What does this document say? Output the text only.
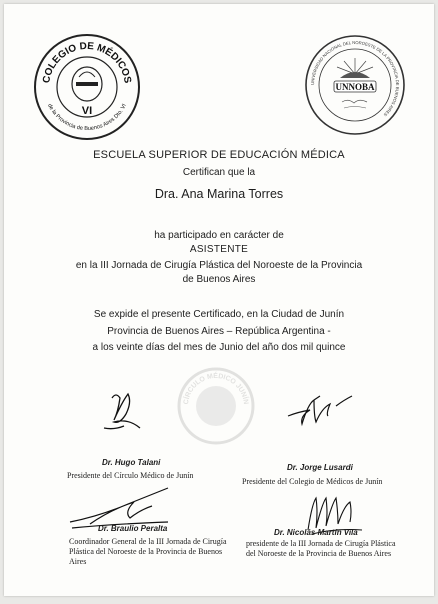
COLEGIO DE MÉDICOS
de la Provincia de Buenos Aires Dto. VI
VI
UNIVERSIDAD NACIONAL DEL NOROESTE DE LA PROVINCIA DE BUENOS AIRES
UNNOBA
CÍRCULO MÉDICO JUNÍN
ESCUELA SUPERIOR DE EDUCACIÓN MÉDICA
Certifican que la
Dra. Ana Marina Torres
ha participado en carácter de
ASISTENTE
en la III Jornada de Cirugía Plástica del Noroeste de la Provincia
de Buenos Aires
Se expide el presente Certificado, en la Ciudad de Junín
Provincia de Buenos Aires – República Argentina -
a los veinte días del mes de Junio del año dos mil quince
Dr. Hugo Talani
Presidente del Círculo Médico de Junín
Dr. Jorge Lusardi
Presidente del Colegio de Médicos de Junín
Dr. Braulio Peralta
Coordinador General de la III Jornada de Cirugía
Plástica del Noroeste de la Provincia de Buenos
Aires
Dr. Nicolás Martín Vila
presidente de la III Jornada de Cirugía Plástica
del Noroeste de la Provincia de Buenos Aires
